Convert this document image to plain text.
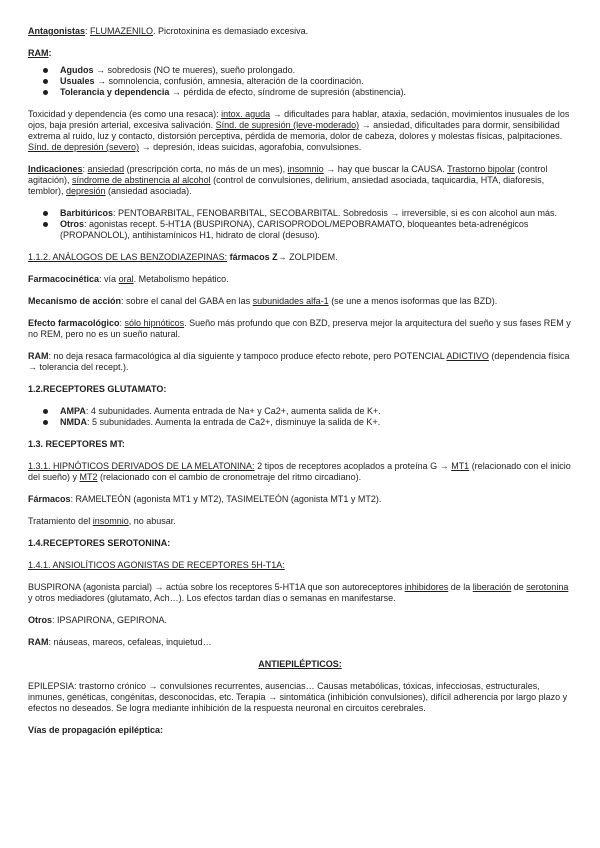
Antagonistas: FLUMAZENILO. Picrotoxinina es demasiado excesiva.

RAM:

Agudos → sobredosis (NO te mueres), sueño prolongado.
Usuales → somnolencia, confusión, amnesia, alteración de la coordinación.
Tolerancia y dependencia → pérdida de efecto, síndrome de supresión (abstinencia).

Toxicidad y dependencia (es como una resaca): intox. aguda → dificultades para hablar, ataxia, sedación, movimientos inusuales de los ojos, baja presión arterial, excesiva salivación. Sínd. de supresión (leve-moderado) → ansiedad, dificultades para dormir, sensibilidad extrema al ruido, luz y contacto, distorsión perceptiva, pérdida de memoria, dolor de cabeza, dolores y molestas físicas, palpitaciones. Sínd. de depresión (severo) → depresión, ideas suicidas, agorafobia, convulsiones.

Indicaciones: ansiedad (prescripción corta, no más de un mes), insomnio → hay que buscar la CAUSA. Trastorno bipolar (control agitación), síndrome de abstinencia al alcohol (control de convulsiones, delirium, ansiedad asociada, taquicardia, HTA, diaforesis, temblor), depresión (ansiedad asociada).

Barbitúricos: PENTOBARBITAL, FENOBARBITAL, SECOBARBITAL. Sobredosis → irreversible, si es con alcohol aun más.
Otros: agonistas recept. 5-HT1A (BUSPIRONA), CARISOPRODOL/MEPOBRAMATO, bloqueantes beta-adrenégicos (PROPANOLOL), antihistamínicos H1, hidrato de cloral (desuso).

1.1.2. ANÁLOGOS DE LAS BENZODIAZEPINAS: fármacos Z→ ZOLPIDEM.

Farmacocinética: vía oral. Metabolismo hepático.

Mecanismo de acción: sobre el canal del GABA en las subunidades alfa-1 (se une a menos isoformas que las BZD).

Efecto farmacológico: sólo hipnóticos. Sueño más profundo que con BZD, preserva mejor la arquitectura del sueño y sus fases REM y no REM, pero no es un sueño natural.

RAM: no deja resaca farmacológica al día siguiente y tampoco produce efecto rebote, pero POTENCIAL ADICTIVO (dependencia física → tolerancia del recept.).

1.2.RECEPTORES GLUTAMATO:
AMPA: 4 subunidades. Aumenta entrada de Na+ y Ca2+, aumenta salida de K+.
NMDA: 5 subunidades. Aumenta la entrada de Ca2+, disminuye la salida de K+.
1.3. RECEPTORES MT:

1.3.1. HIPNÓTICOS DERIVADOS DE LA MELATONINA: 2 tipos de receptores acoplados a proteína G → MT1 (relacionado con el inicio del sueño) y MT2 (relacionado con el cambio de cronometraje del ritmo circadiano).

Fármacos: RAMELTEÓN (agonista MT1 y MT2), TASIMELTEÓN (agonista MT1 y MT2).

Tratamiento del insomnio, no abusar.

1.4.RECEPTORES SEROTONINA:

1.4.1. ANSIOLÍTICOS AGONISTAS DE RECEPTORES 5H-T1A:

BUSPIRONA (agonista parcial) → actúa sobre los receptores 5-HT1A que son autoreceptores inhibidores de la liberación de serotonina y otros mediadores (glutamato, Ach…). Los efectos tardan días o semanas en manifestarse.

Otros: IPSAPIRONA, GEPIRONA.

RAM: náuseas, mareos, cefaleas, inquietud…

ANTIEPILÉPTICOS:

EPILEPSIA: trastorno crónico → convulsiones recurrentes, ausencias… Causas metabólicas, tóxicas, infecciosas, estructurales, inmunes, genéticas, congénitas, desconocidas, etc. Terapia → sintomática (inhibición convulsiones), difícil adherencia por largo plazo y efectos no deseados. Se logra mediante inhibición de la respuesta neuronal en circuitos cerebrales.

Vías de propagación epiléptica:
